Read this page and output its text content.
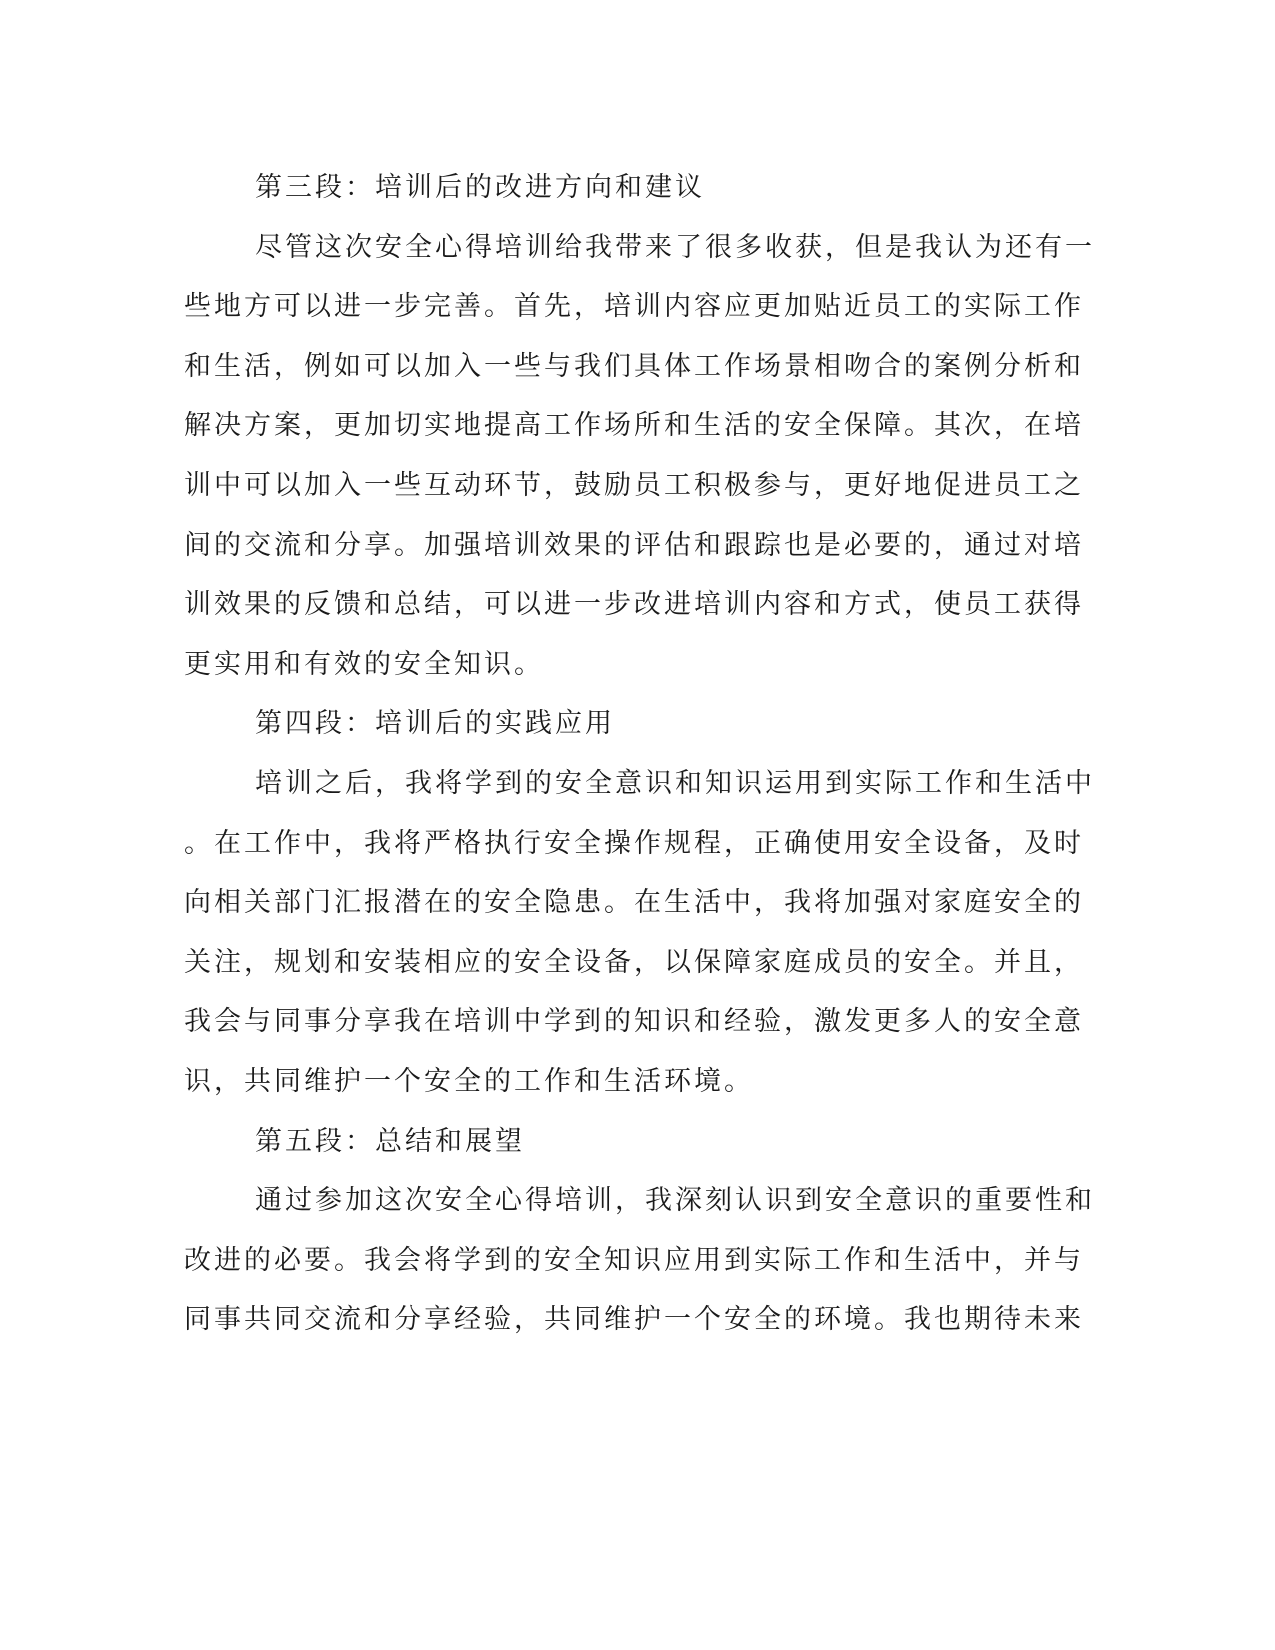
第三段：培训后的改进方向和建议
尽管这次安全心得培训给我带来了很多收获，但是我认为还有一
些地方可以进一步完善。首先，培训内容应更加贴近员工的实际工作
和生活，例如可以加入一些与我们具体工作场景相吻合的案例分析和
解决方案，更加切实地提高工作场所和生活的安全保障。其次，在培
训中可以加入一些互动环节，鼓励员工积极参与，更好地促进员工之
间的交流和分享。加强培训效果的评估和跟踪也是必要的，通过对培
训效果的反馈和总结，可以进一步改进培训内容和方式，使员工获得
更实用和有效的安全知识。
第四段：培训后的实践应用
培训之后，我将学到的安全意识和知识运用到实际工作和生活中
。在工作中，我将严格执行安全操作规程，正确使用安全设备，及时
向相关部门汇报潜在的安全隐患。在生活中，我将加强对家庭安全的
关注，规划和安装相应的安全设备，以保障家庭成员的安全。并且，
我会与同事分享我在培训中学到的知识和经验，激发更多人的安全意
识，共同维护一个安全的工作和生活环境。
第五段：总结和展望
通过参加这次安全心得培训，我深刻认识到安全意识的重要性和
改进的必要。我会将学到的安全知识应用到实际工作和生活中，并与
同事共同交流和分享经验，共同维护一个安全的环境。我也期待未来
